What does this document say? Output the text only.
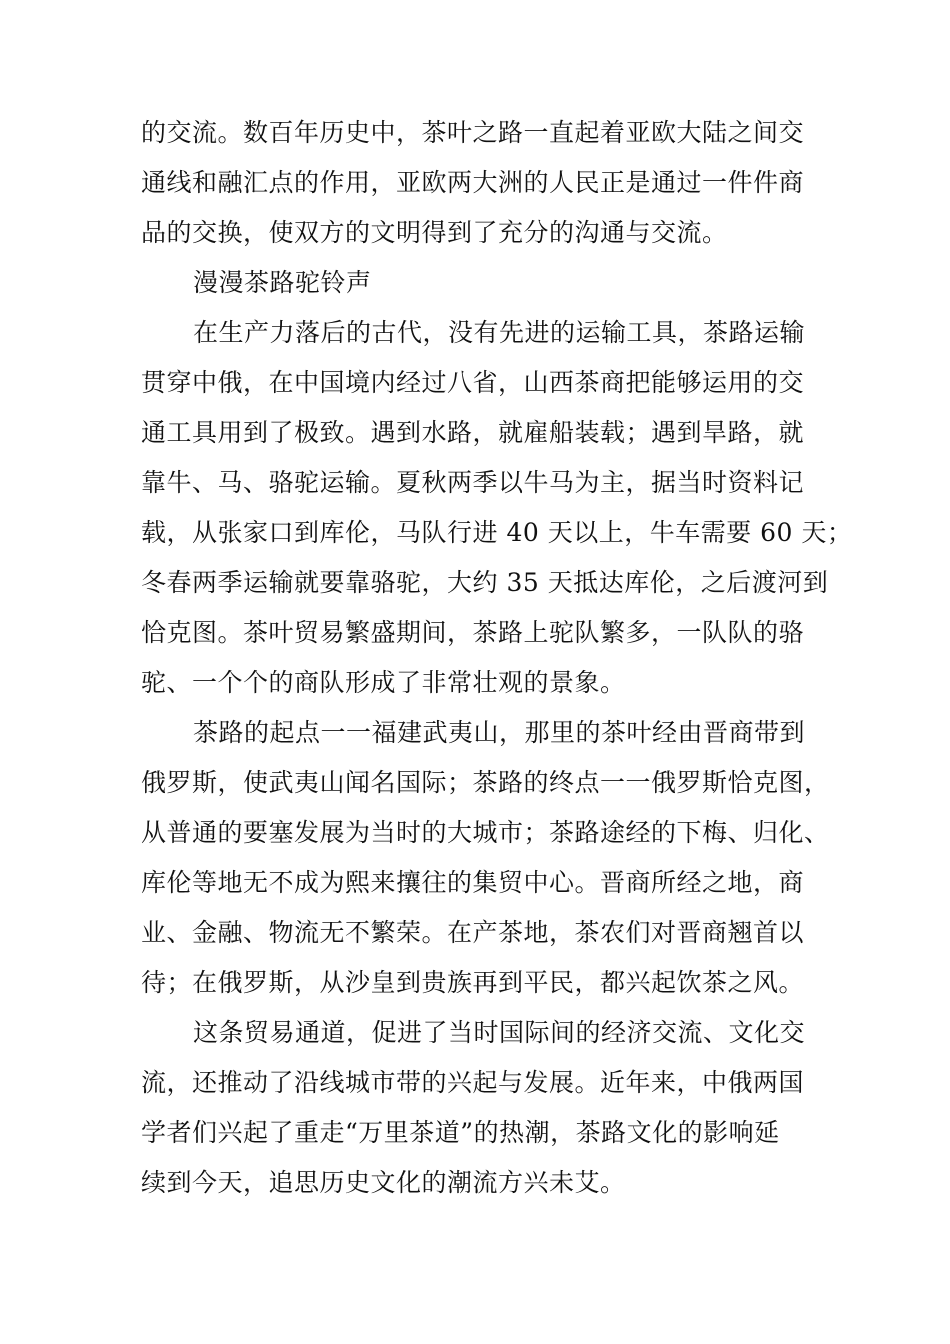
的交流。数百年历史中，茶叶之路一直起着亚欧大陆之间交
通线和融汇点的作用，亚欧两大洲的人民正是通过一件件商
品的交换，使双方的文明得到了充分的沟通与交流。
漫漫茶路驼铃声
在生产力落后的古代，没有先进的运输工具，茶路运输
贯穿中俄，在中国境内经过八省，山西茶商把能够运用的交
通工具用到了极致。遇到水路，就雇船装载；遇到旱路，就
靠牛、马、骆驼运输。夏秋两季以牛马为主，据当时资料记
载，从张家口到库伦，马队行进 40 天以上，牛车需要 60 天；
冬春两季运输就要靠骆驼，大约 35 天抵达库伦，之后渡河到
恰克图。茶叶贸易繁盛期间，茶路上驼队繁多，一队队的骆
驼、一个个的商队形成了非常壮观的景象。
茶路的起点一一福建武夷山，那里的茶叶经由晋商带到
俄罗斯，使武夷山闻名国际；茶路的终点一一俄罗斯恰克图，
从普通的要塞发展为当时的大城市；茶路途经的下梅、归化、
库伦等地无不成为熙来攘往的集贸中心。晋商所经之地，商
业、金融、物流无不繁荣。在产茶地，茶农们对晋商翘首以
待；在俄罗斯，从沙皇到贵族再到平民，都兴起饮茶之风。
这条贸易通道，促进了当时国际间的经济交流、文化交
流，还推动了沿线城市带的兴起与发展。近年来，中俄两国
学者们兴起了重走“万里茶道”的热潮，茶路文化的影响延
续到今天，追思历史文化的潮流方兴未艾。
